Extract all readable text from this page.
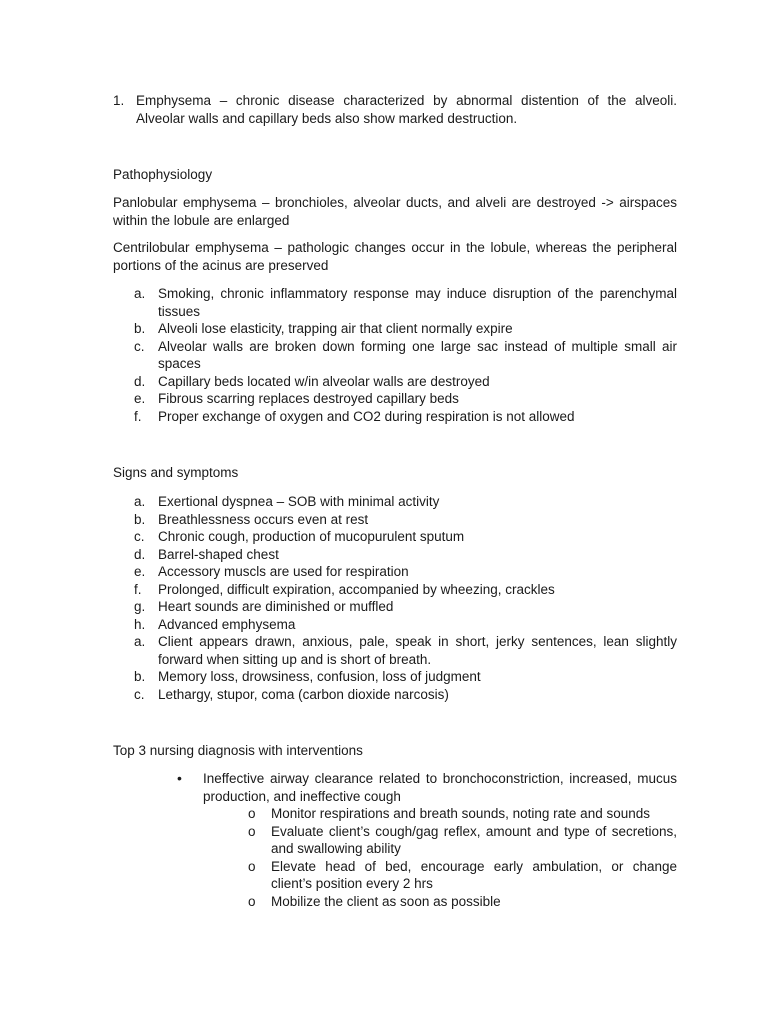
1. Emphysema – chronic disease characterized by abnormal distention of the alveoli. Alveolar walls and capillary beds also show marked destruction.

Pathophysiology

Panlobular emphysema – bronchioles, alveolar ducts, and alveli are destroyed -> airspaces within the lobule are enlarged

Centrilobular emphysema – pathologic changes occur in the lobule, whereas the peripheral portions of the acinus are preserved

a. Smoking, chronic inflammatory response may induce disruption of the parenchymal tissues
b. Alveoli lose elasticity, trapping air that client normally expire
c. Alveolar walls are broken down forming one large sac instead of multiple small air spaces
d. Capillary beds located w/in alveolar walls are destroyed
e. Fibrous scarring replaces destroyed capillary beds
f.	Proper exchange of oxygen and CO2 during respiration is not allowed

Signs and symptoms

a. Exertional dyspnea – SOB with minimal activity
b. Breathlessness occurs even at rest
c. Chronic cough, production of mucopurulent sputum
d. Barrel-shaped chest
e. Accessory muscls are used for respiration
f.	Prolonged, difficult expiration, accompanied by wheezing, crackles
g. Heart sounds are diminished or muffled
h. Advanced emphysema
a. Client appears drawn, anxious, pale, speak in short, jerky sentences, lean slightly forward when sitting up and is short of breath.
b. Memory loss, drowsiness, confusion, loss of judgment
c. Lethargy, stupor, coma (carbon dioxide narcosis)

Top 3 nursing diagnosis with interventions

•	Ineffective airway clearance related to bronchoconstriction, increased, mucus production, and ineffective cough

o Monitor respirations and breath sounds, noting rate and sounds
o Evaluate client’s cough/gag reflex, amount and type of secretions, and swallowing ability
o Elevate head of bed, encourage early ambulation, or change client’s position every 2 hrs
o Mobilize the client as soon as possible
